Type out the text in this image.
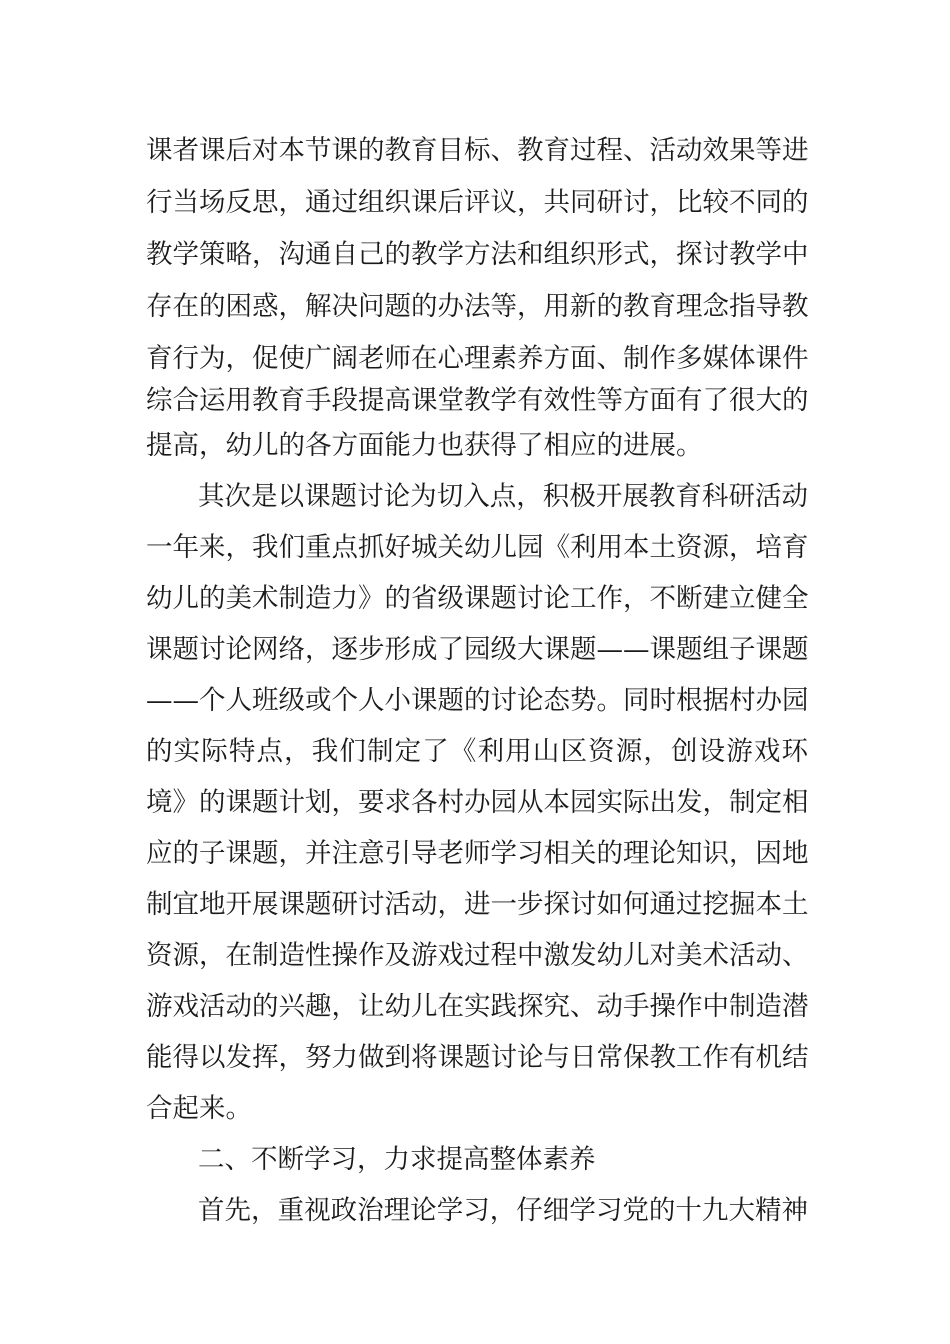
课者课后对本节课的教育目标、教育过程、活动效果等进
行当场反思，通过组织课后评议，共同研讨，比较不同的
教学策略，沟通自己的教学方法和组织形式，探讨教学中
存在的困惑，解决问题的办法等，用新的教育理念指导教
育行为，促使广阔老师在心理素养方面、制作多媒体课件
综合运用教育手段提高课堂教学有效性等方面有了很大的
提高，幼儿的各方面能力也获得了相应的进展。
其次是以课题讨论为切入点，积极开展教育科研活动
一年来，我们重点抓好城关幼儿园《利用本土资源，培育
幼儿的美术制造力》的省级课题讨论工作，不断建立健全
课题讨论网络，逐步形成了园级大课题——课题组子课题
——个人班级或个人小课题的讨论态势。同时根据村办园
的实际特点，我们制定了《利用山区资源，创设游戏环
境》的课题计划，要求各村办园从本园实际出发，制定相
应的子课题，并注意引导老师学习相关的理论知识，因地
制宜地开展课题研讨活动，进一步探讨如何通过挖掘本土
资源，在制造性操作及游戏过程中激发幼儿对美术活动、
游戏活动的兴趣，让幼儿在实践探究、动手操作中制造潜
能得以发挥，努力做到将课题讨论与日常保教工作有机结
合起来。
二、不断学习，力求提高整体素养
首先，重视政治理论学习，仔细学习党的十九大精神
